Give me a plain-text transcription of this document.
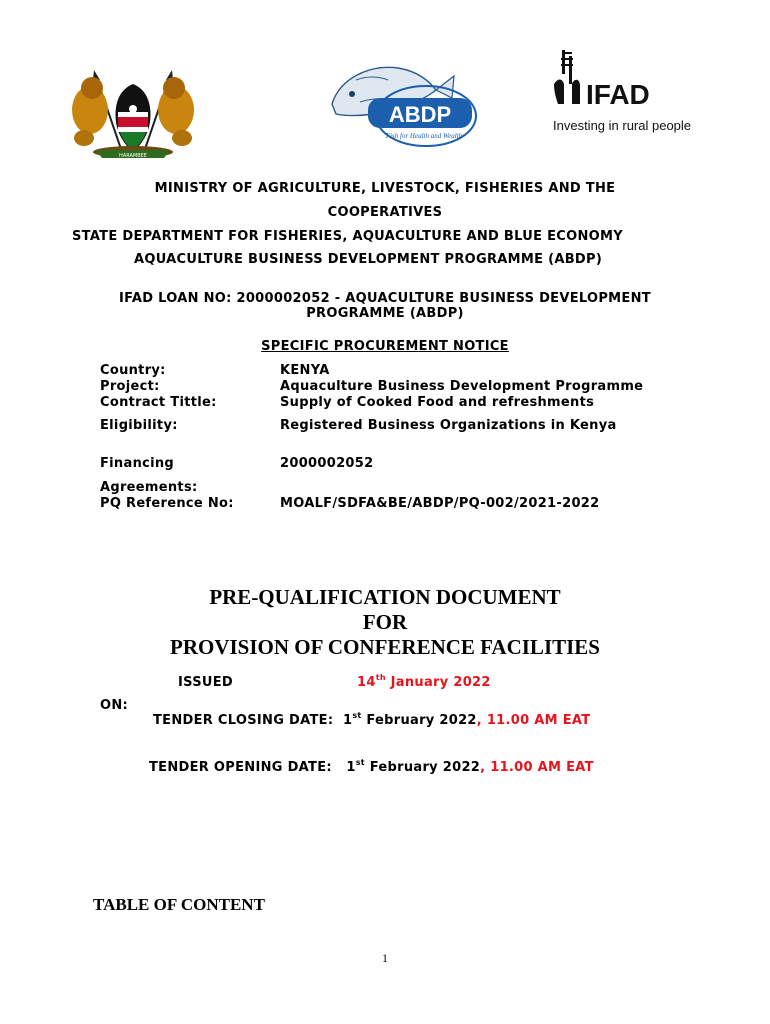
HARAMBEE
ABDP
Fish for Health and Wealth
IFAD
Investing in rural people
MINISTRY OF AGRICULTURE, LIVESTOCK, FISHERIES AND THE
COOPERATIVES
STATE DEPARTMENT FOR FISHERIES, AQUACULTURE AND BLUE ECONOMY
AQUACULTURE BUSINESS DEVELOPMENT PROGRAMME (ABDP)
IFAD LOAN NO: 2000002052 - AQUACULTURE BUSINESS DEVELOPMENT
PROGRAMME (ABDP)
SPECIFIC PROCUREMENT NOTICE
Country:	KENYA
Project:	Aquaculture Business Development Programme
Contract Tittle:	Supply of Cooked Food and refreshments
Eligibility:	Registered Business Organizations in Kenya
Financing	2000002052
Agreements:
PQ Reference No:	MOALF/SDFA&BE/ABDP/PQ-002/2021-2022
PRE-QUALIFICATION DOCUMENT
FOR
PROVISION OF CONFERENCE FACILITIES
ISSUED	14th January 2022
ON:
TENDER CLOSING DATE: 1st February 2022, 11.00 AM EAT
TENDER OPENING DATE: 1st February 2022, 11.00 AM EAT
TABLE OF CONTENT
1
